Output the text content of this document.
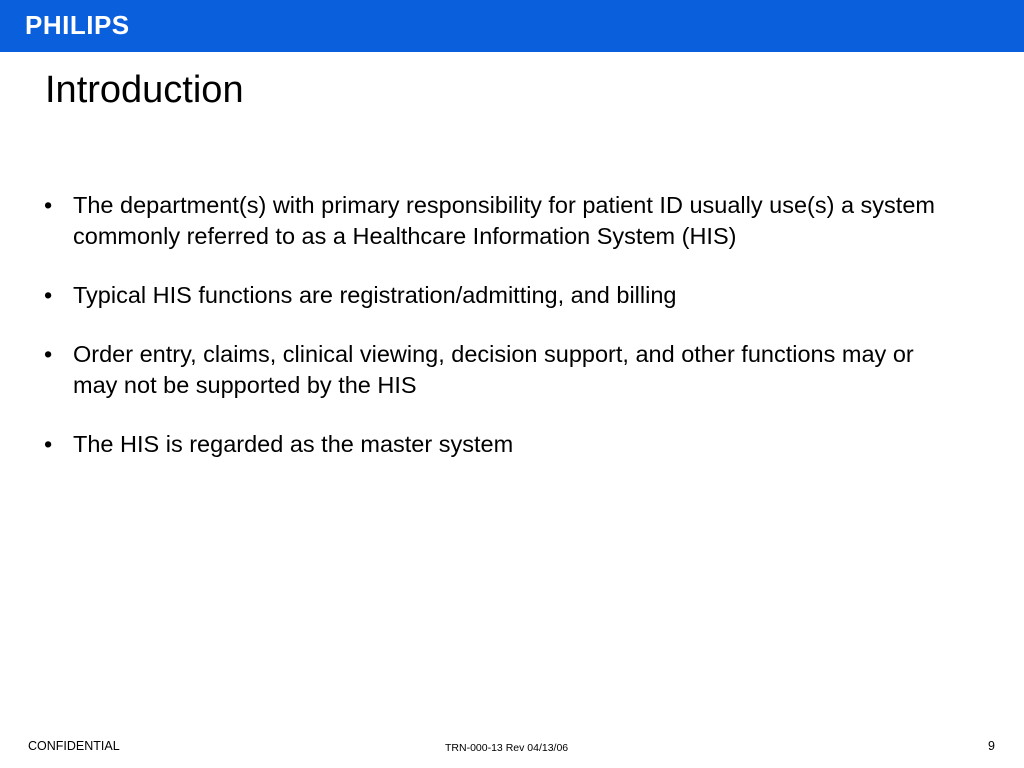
PHILIPS
Introduction
• The department(s) with primary responsibility for patient ID usually use(s) a system commonly referred to as a Healthcare Information System (HIS)
• Typical HIS functions are registration/admitting, and billing
• Order entry, claims, clinical viewing, decision support, and other functions may or may not be supported by the HIS
• The HIS is regarded as the master system
CONFIDENTIAL	TRN-000-13 Rev 04/13/06	9
